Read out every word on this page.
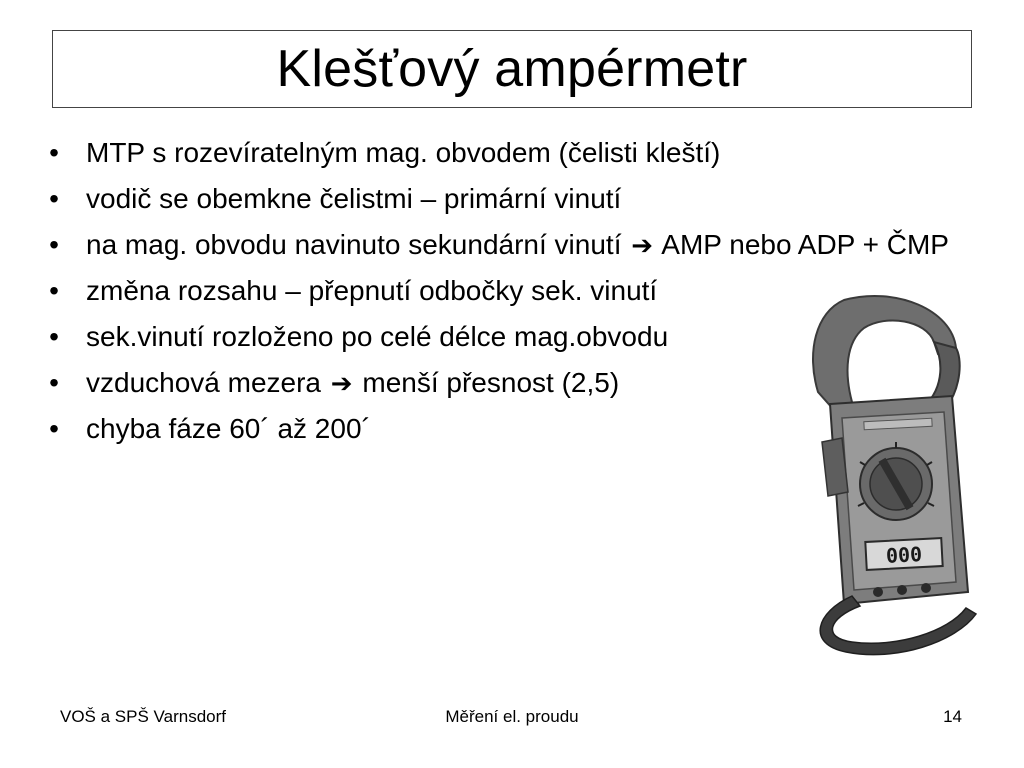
Klešťový ampérmetr
• MTP s rozevíratelným mag. obvodem (čelisti kleští)
• vodič se obemkne čelistmi – primární vinutí
• na mag. obvodu navinuto sekundární vinutí ➔ AMP nebo ADP + ČMP
• změna rozsahu – přepnutí odbočky sek. vinutí
• sek.vinutí rozloženo po celé délce mag.obvodu
• vzduchová mezera ➔ menší přesnost (2,5)
• chyba fáze 60´ až 200´
000
VOŠ a SPŠ Varnsdorf	Měření el. proudu	14
